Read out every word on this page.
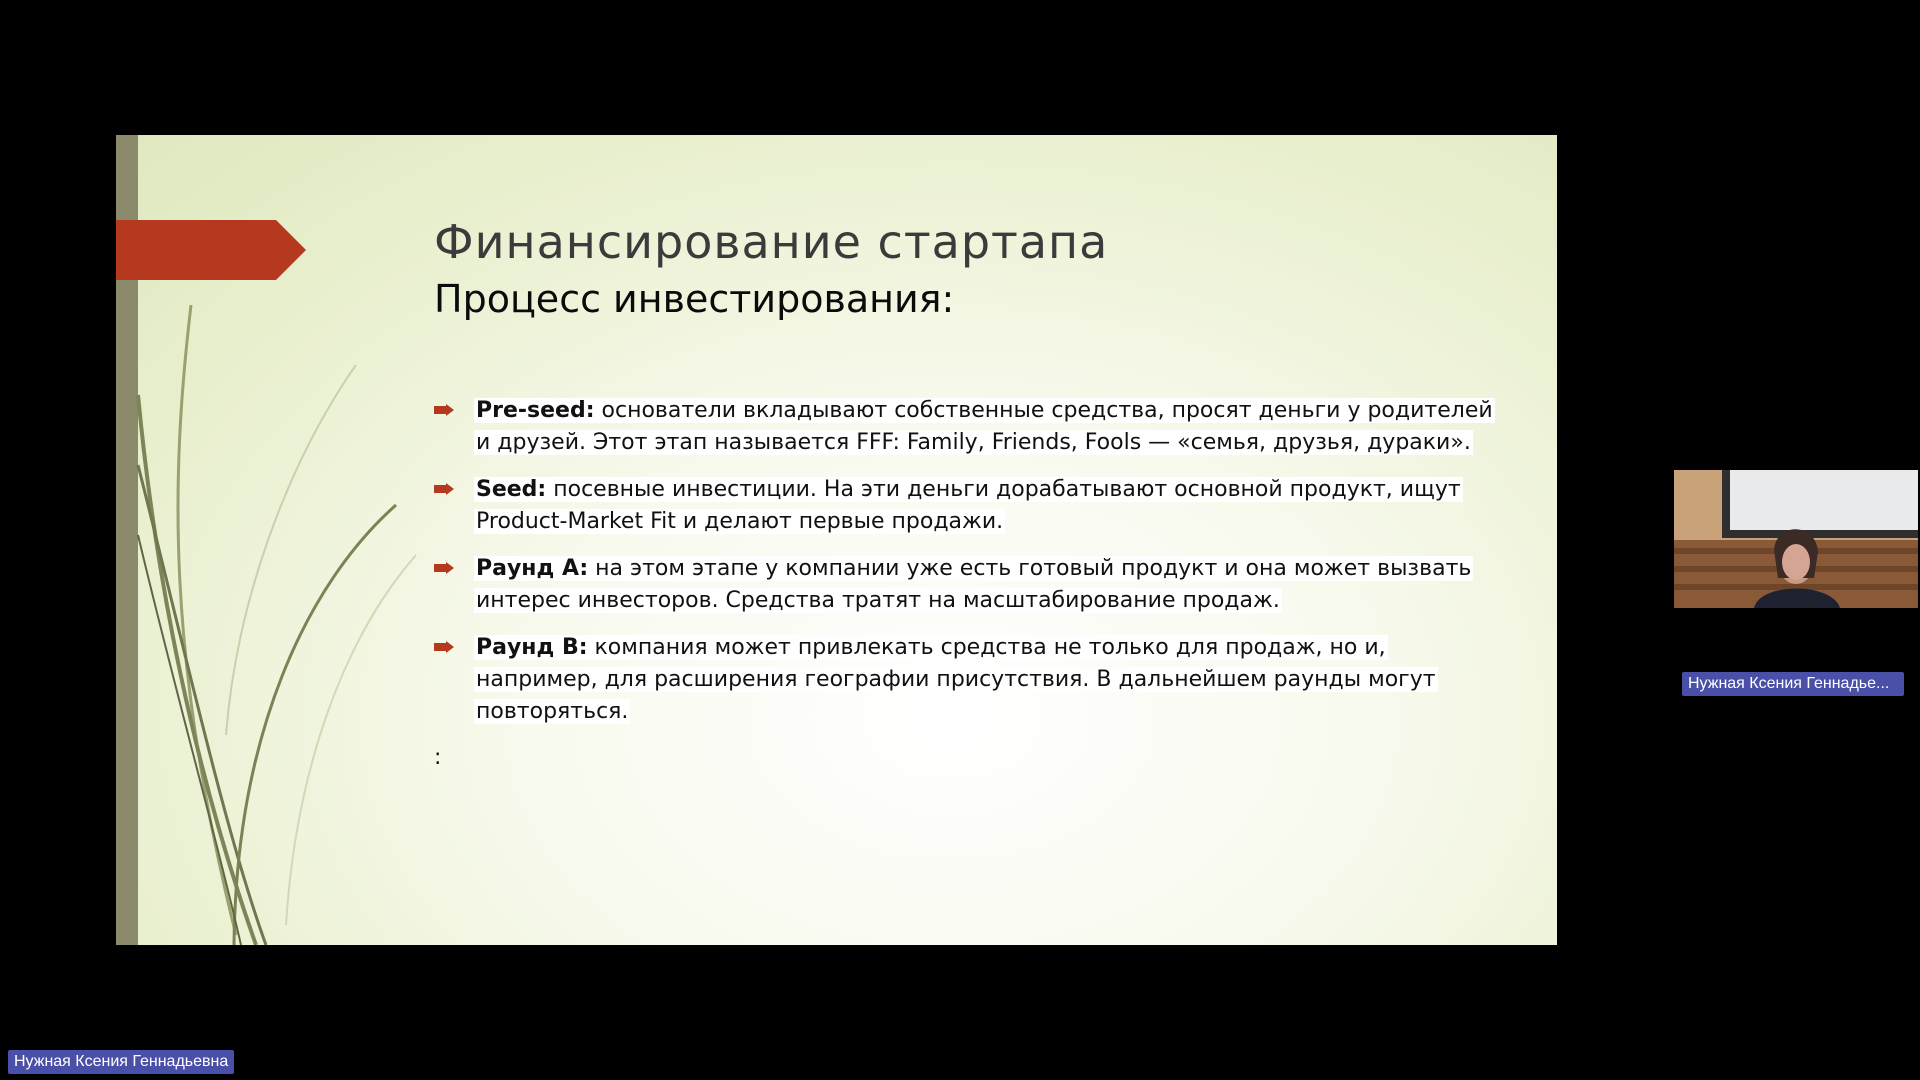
Финансирование стартапа
Процесс инвестирования:
Pre-seed: основатели вкладывают собственные средства, просят деньги у родителей и друзей. Этот этап называется FFF: Family, Friends, Fools — «семья, друзья, дураки».
Seed: посевные инвестиции. На эти деньги дорабатывают основной продукт, ищут Product-Market Fit и делают первые продажи.
Раунд A: на этом этапе у компании уже есть готовый продукт и она может вызвать интерес инвесторов. Средства тратят на масштабирование продаж.
Раунд B: компания может привлекать средства не только для продаж, но и, например, для расширения географии присутствия. В дальнейшем раунды могут повторяться.
:
Нужная Ксения Геннадье...
Нужная Ксения Геннадьевна
